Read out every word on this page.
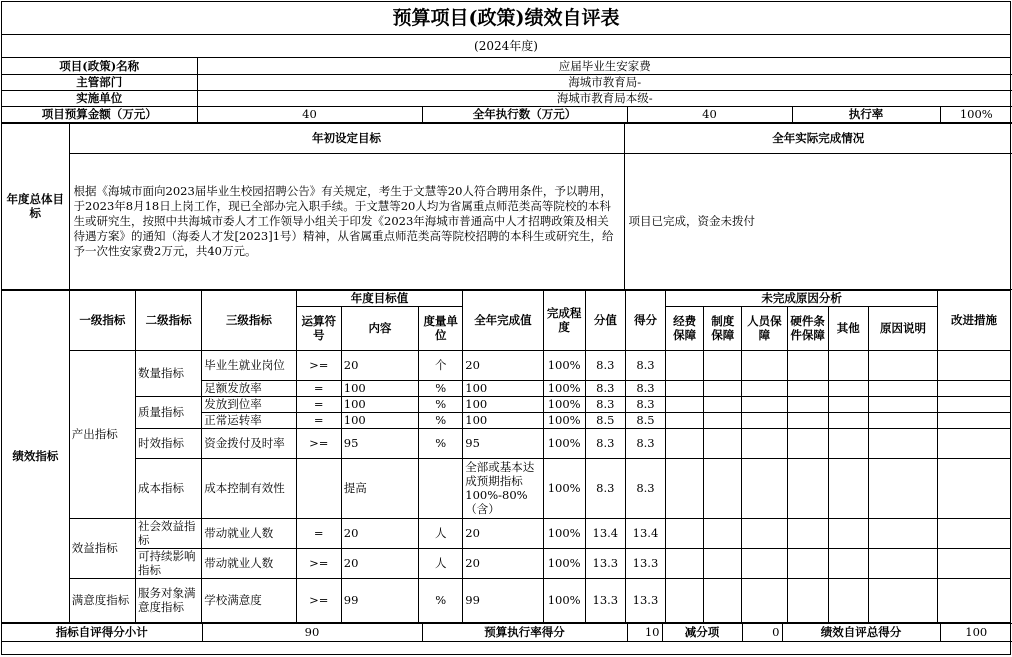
预算项目(政策)绩效自评表
(2024年度)
项目(政策)名称	应届毕业生安家费				
主管部门	海城市教育局-				
实施单位	海城市教育局本级-				
项目预算金额（万元）	40	全年执行数（万元）	40	执行率	100%
年度总体目标	年初设定目标	全年实际完成情况
	根据《海城市面向2023届毕业生校园招聘公告》有关规定，考生于文慧等20人符合聘用条件，予以聘用，于2023年8月18日上岗工作，现已全部办完入职手续。于文慧等20人均为省属重点师范类高等院校的本科生或研究生，按照中共海城市委人才工作领导小组关于印发《2023年海城市普通高中人才招聘政策及相关待遇方案》的通知（海委人才发[2023]1号）精神，从省属重点师范类高等院校招聘的本科生或研究生，给予一次性安家费2万元，共40万元。	项目已完成，资金未拨付
绩效指标	一级指标	二级指标	三级指标	年度目标值			全年完成值	完成程度	分值	得分	未完成原因分析						改进措施
				运算符号	内容	度量单位					经费保障	制度保障	人员保障	硬件条件保障	其他	原因说明	
	产出指标	数量指标	毕业生就业岗位	>=	20	个	20	100%	8.3	8.3							
			足额发放率	=	100	%	100	100%	8.3	8.3							
		质量指标	发放到位率	=	100	%	100	100%	8.3	8.3							
			正常运转率	=	100	%	100	100%	8.5	8.5							
		时效指标	资金拨付及时率	>=	95	%	95	100%	8.3	8.3							
		成本指标	成本控制有效性		提高		全部或基本达成预期指标100%-80%（含）	100%	8.3	8.3							
	效益指标	社会效益指标	带动就业人数	=	20	人	20	100%	13.4	13.4							
		可持续影响指标	带动就业人数	>=	20	人	20	100%	13.3	13.3							
	满意度指标	服务对象满意度指标	学校满意度	>=	99	%	99	100%	13.3	13.3							
指标自评得分小计	90	预算执行率得分	10	减分项	0	绩效自评总得分	100
